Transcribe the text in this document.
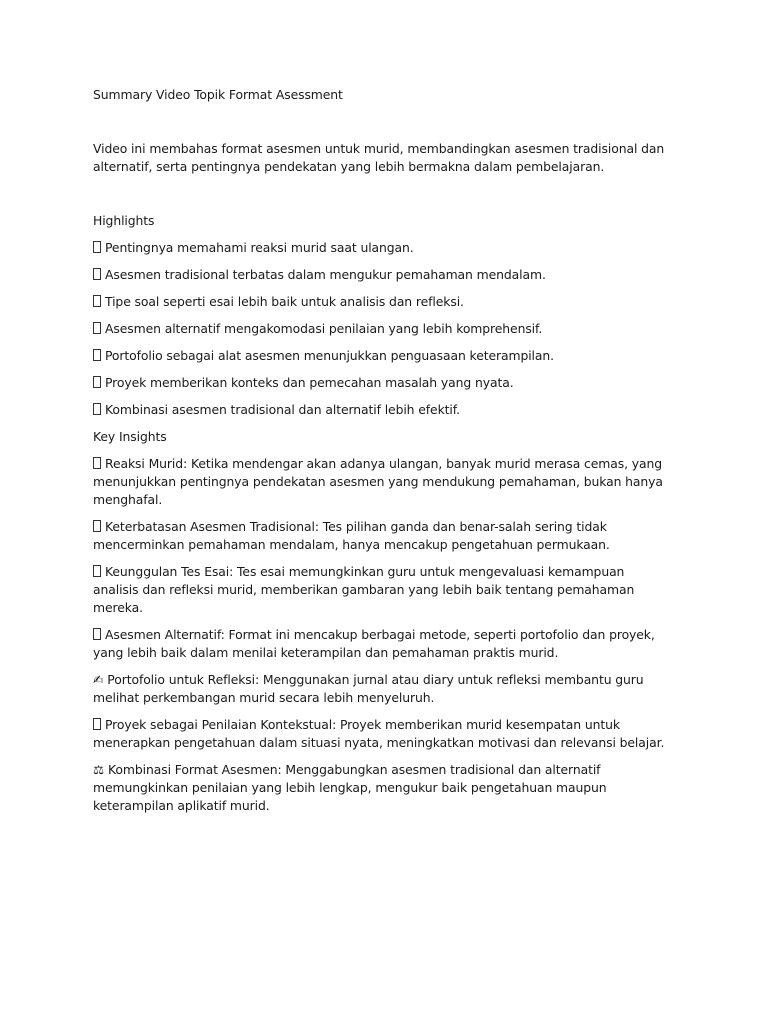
Summary Video Topik Format Asessment

Video ini membahas format asesmen untuk murid, membandingkan asesmen tradisional dan alternatif, serta pentingnya pendekatan yang lebih bermakna dalam pembelajaran.

Highlights

Pentingnya memahami reaksi murid saat ulangan.
Asesmen tradisional terbatas dalam mengukur pemahaman mendalam.
Tipe soal seperti esai lebih baik untuk analisis dan refleksi.
Asesmen alternatif mengakomodasi penilaian yang lebih komprehensif.
Portofolio sebagai alat asesmen menunjukkan penguasaan keterampilan.
Proyek memberikan konteks dan pemecahan masalah yang nyata.
Kombinasi asesmen tradisional dan alternatif lebih efektif.

Key Insights

Reaksi Murid: Ketika mendengar akan adanya ulangan, banyak murid merasa cemas, yang menunjukkan pentingnya pendekatan asesmen yang mendukung pemahaman, bukan hanya menghafal.
Keterbatasan Asesmen Tradisional: Tes pilihan ganda dan benar-salah sering tidak mencerminkan pemahaman mendalam, hanya mencakup pengetahuan permukaan.
Keunggulan Tes Esai: Tes esai memungkinkan guru untuk mengevaluasi kemampuan analisis dan refleksi murid, memberikan gambaran yang lebih baik tentang pemahaman mereka.
Asesmen Alternatif: Format ini mencakup berbagai metode, seperti portofolio dan proyek, yang lebih baik dalam menilai keterampilan dan pemahaman praktis murid.
✍ Portofolio untuk Refleksi: Menggunakan jurnal atau diary untuk refleksi membantu guru melihat perkembangan murid secara lebih menyeluruh.
Proyek sebagai Penilaian Kontekstual: Proyek memberikan murid kesempatan untuk menerapkan pengetahuan dalam situasi nyata, meningkatkan motivasi dan relevansi belajar.
⚖ Kombinasi Format Asesmen: Menggabungkan asesmen tradisional dan alternatif memungkinkan penilaian yang lebih lengkap, mengukur baik pengetahuan maupun keterampilan aplikatif murid.
